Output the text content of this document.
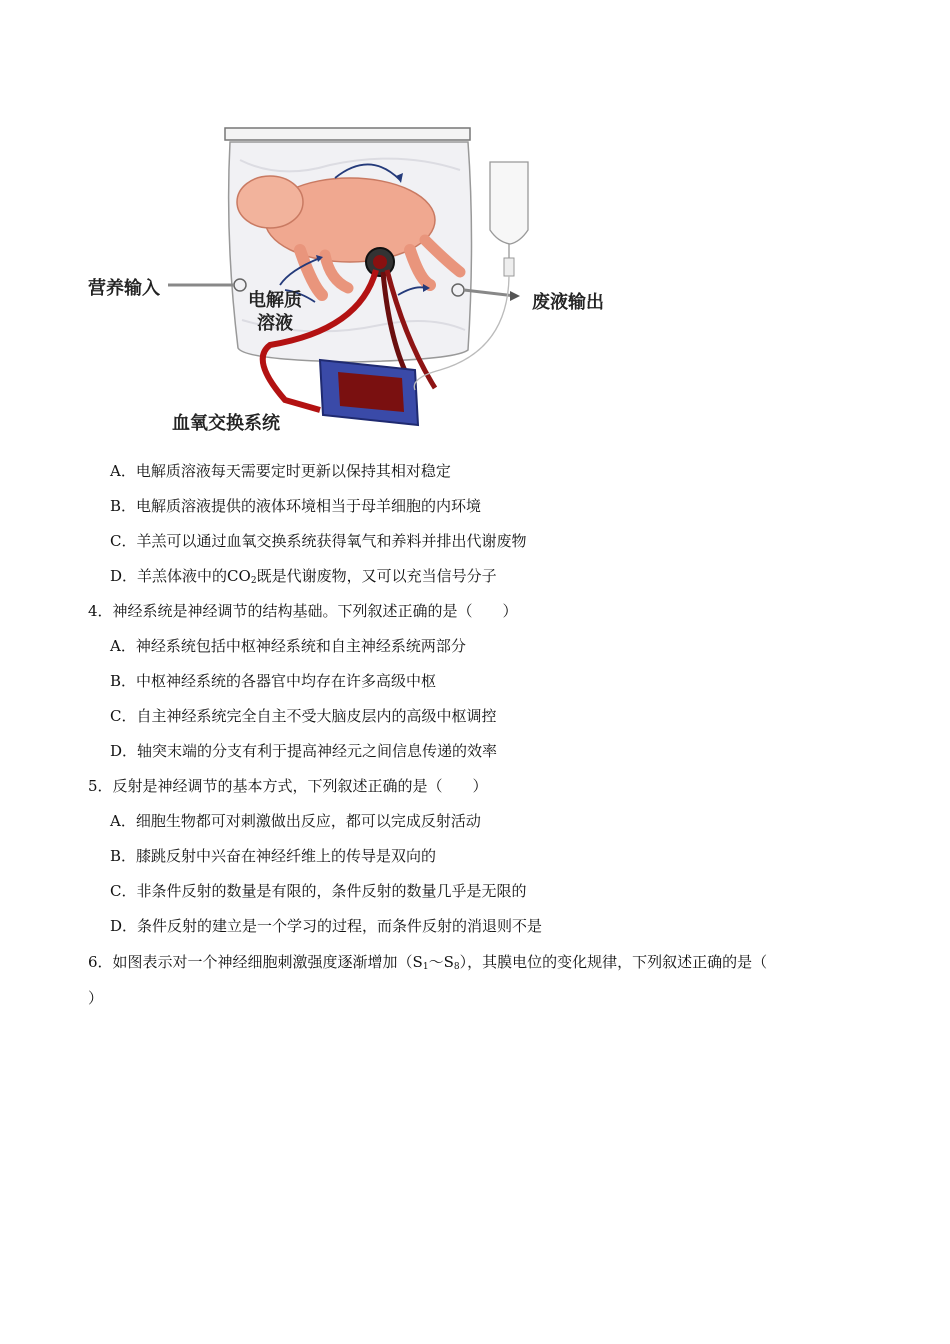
营养输入
电解质
溶液
废液输出
血氧交换系统
A．电解质溶液每天需要定时更新以保持其相对稳定
B．电解质溶液提供的液体环境相当于母羊细胞的内环境
C．羊羔可以通过血氧交换系统获得氧气和养料并排出代谢废物
D．羊羔体液中的$CO_2$既是代谢废物，又可以充当信号分子
4．神经系统是神经调节的结构基础。下列叙述正确的是（　　）
A．神经系统包括中枢神经系统和自主神经系统两部分
B．中枢神经系统的各器官中均存在许多高级中枢
C．自主神经系统完全自主不受大脑皮层内的高级中枢调控
D．轴突末端的分支有利于提高神经元之间信息传递的效率
5．反射是神经调节的基本方式，下列叙述正确的是（　　）
A．细胞生物都可对刺激做出反应，都可以完成反射活动
B．膝跳反射中兴奋在神经纤维上的传导是双向的
C．非条件反射的数量是有限的，条件反射的数量几乎是无限的
D．条件反射的建立是一个学习的过程，而条件反射的消退则不是
6．如图表示对一个神经细胞刺激强度逐渐增加$(S_1\sim S_8)$，其膜电位的变化规律，下列叙述正确的是（
）
